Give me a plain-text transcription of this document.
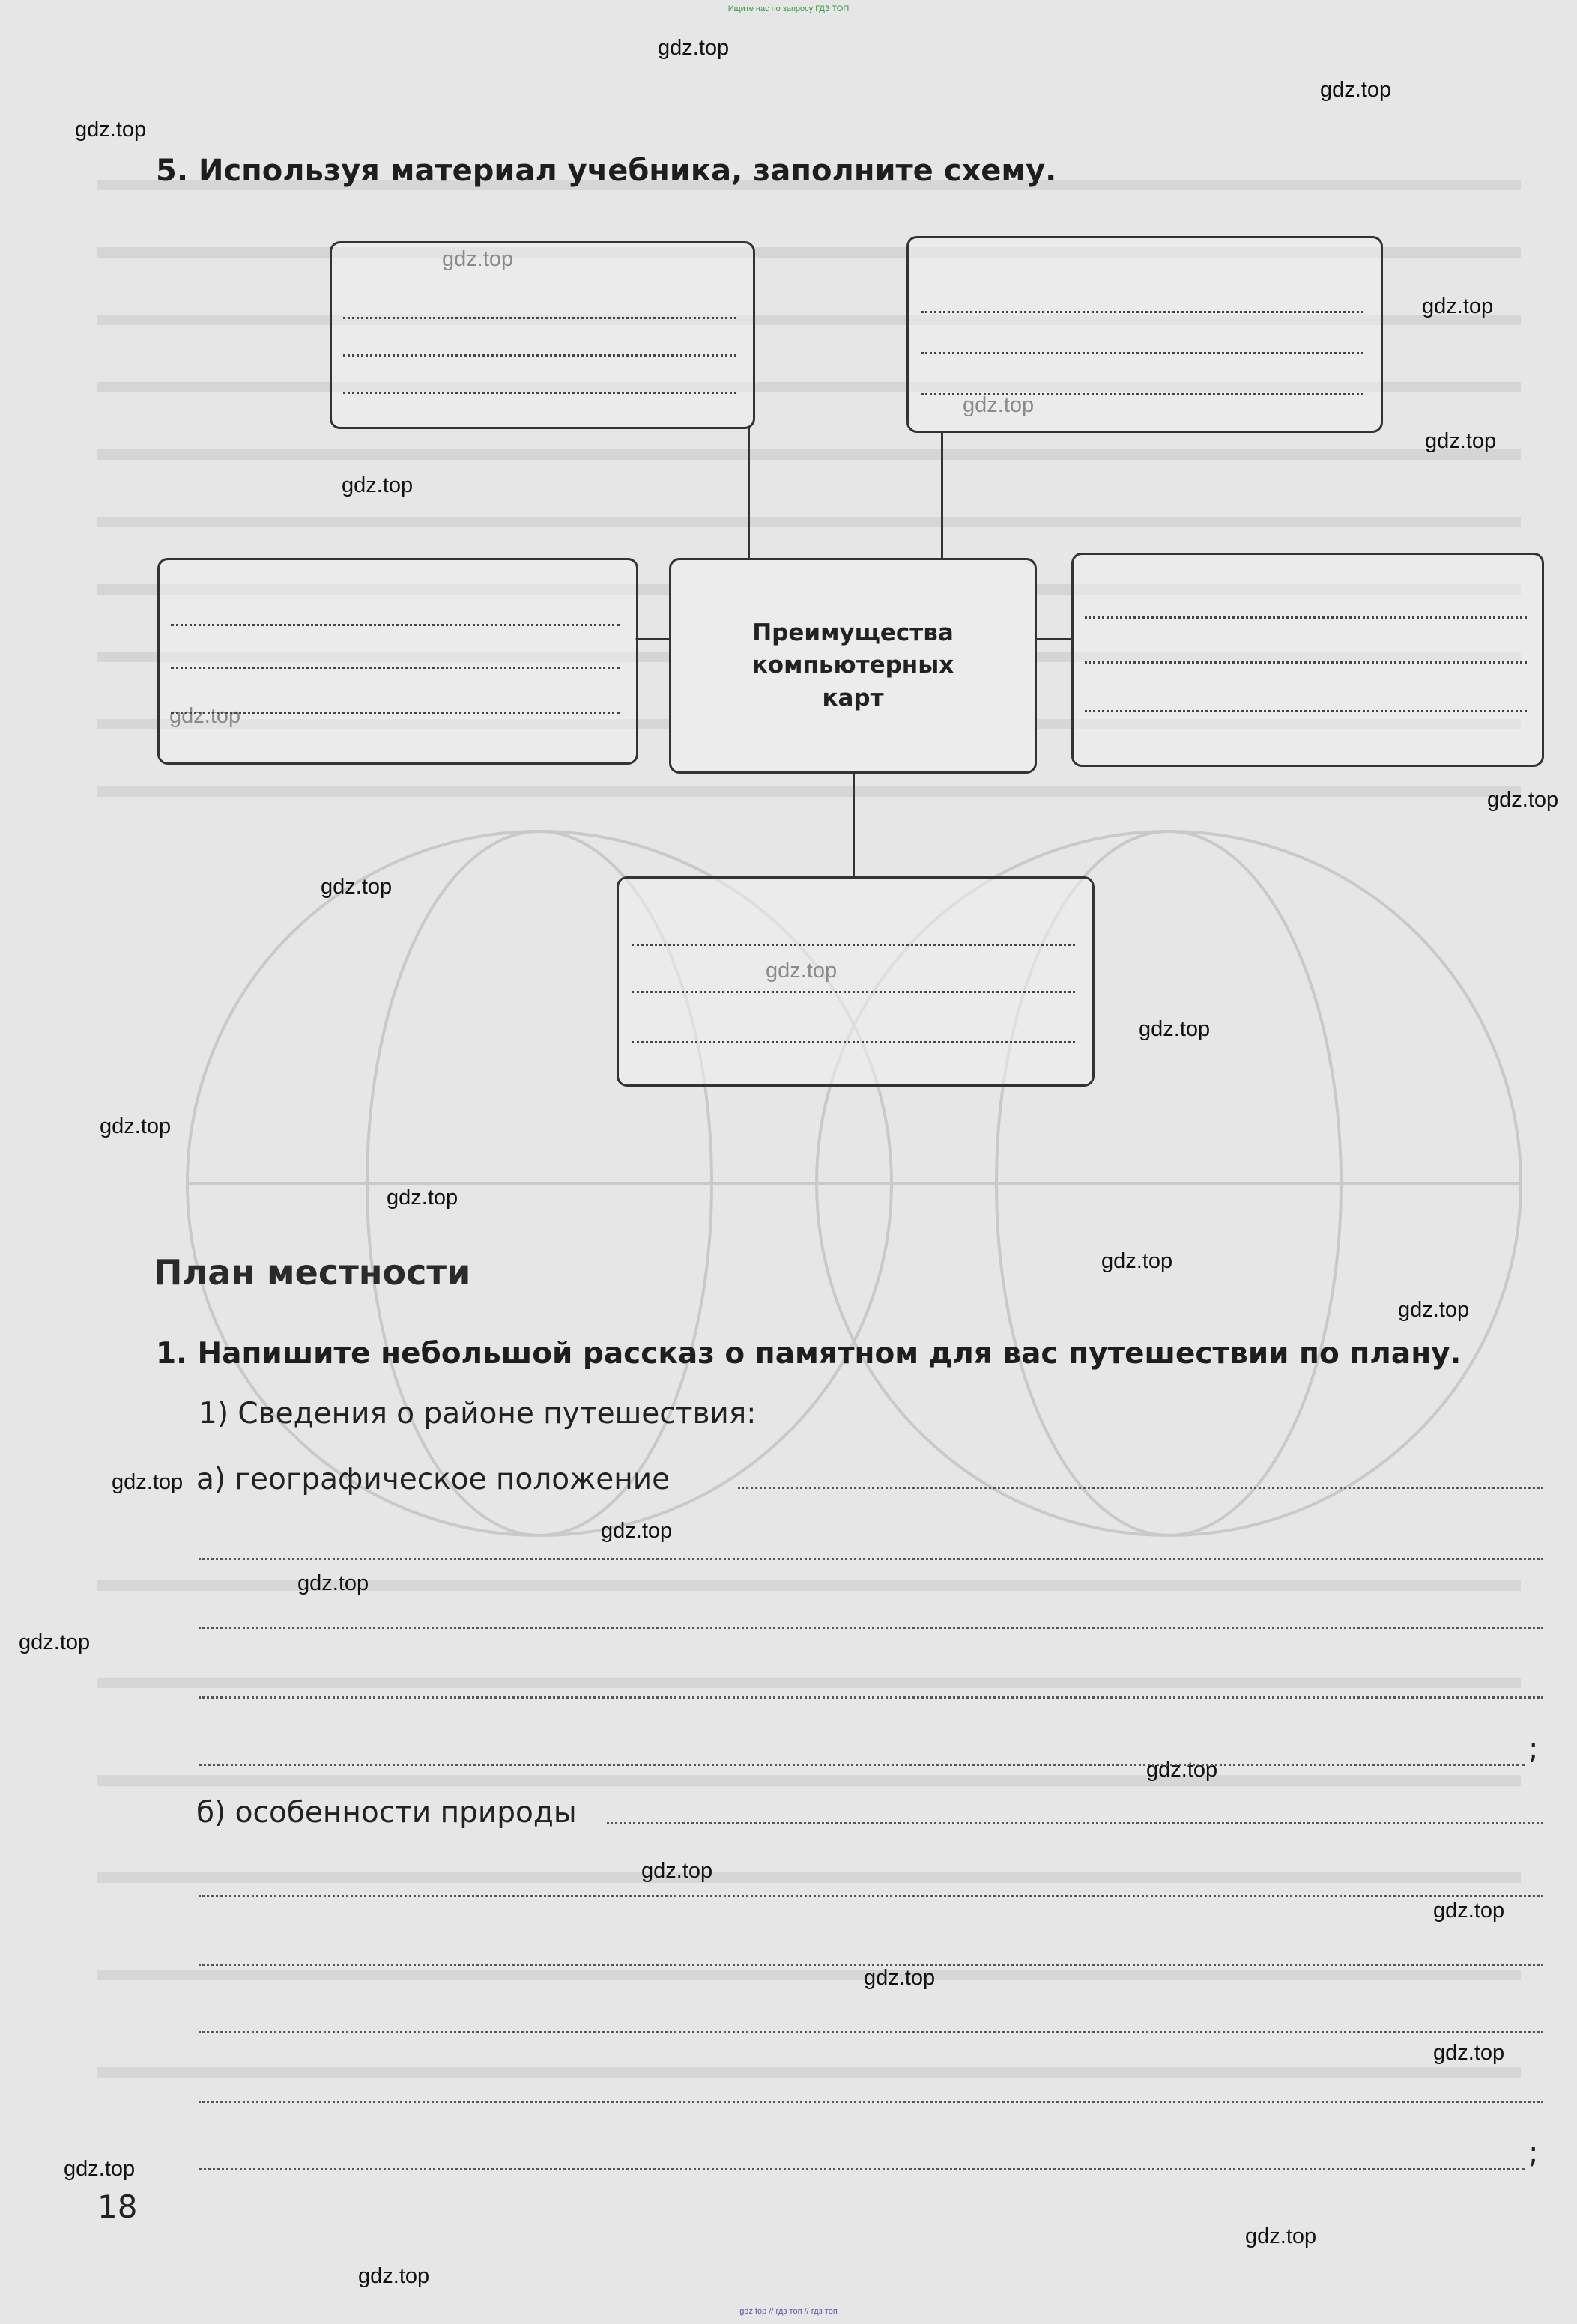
Ищите нас по запросу ГДЗ ТОП
gdz.top
gdz.top
gdz.top
gdz.top
gdz.top
gdz.top
gdz.top
gdz.top
gdz.top
gdz.top
gdz.top
gdz.top
gdz.top
gdz.top
gdz.top
gdz.top
gdz.top
gdz.top
gdz.top
gdz.top
gdz.top
gdz.top
gdz.top
gdz.top
gdz.top
5. Используя материал учебника, заполните схему.
Преимущества компьютерных карт
План местности
1. Напишите небольшой рассказ о памятном для вас путешествии по плану.
1) Сведения о районе путешествия:
а) географическое положение
;
б) особенности природы
;
18
gdz top // гдз топ // гдз топ
